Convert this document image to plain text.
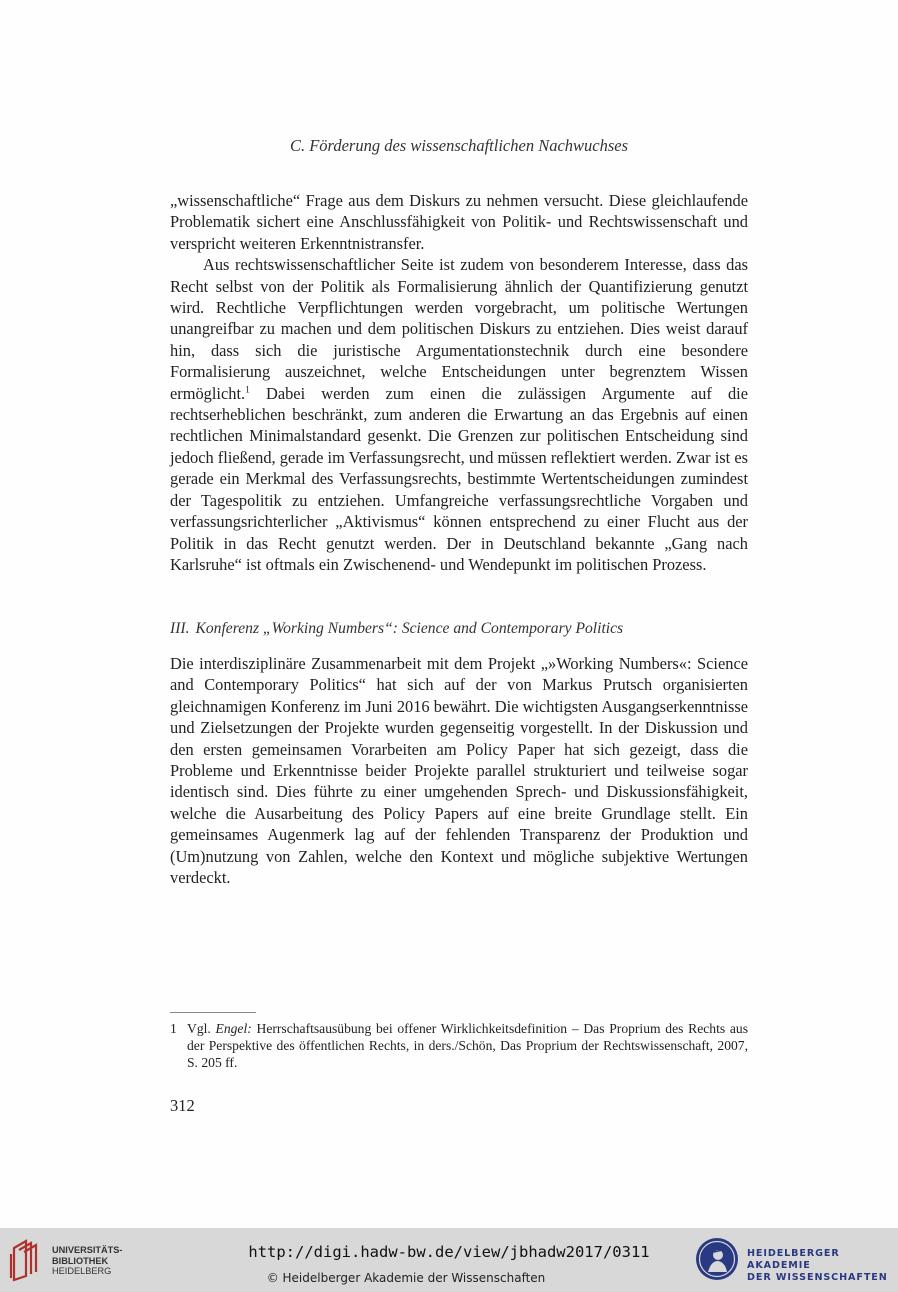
C. Förderung des wissenschaftlichen Nachwuchses

„wissenschaftliche“ Frage aus dem Diskurs zu nehmen versucht. Diese gleichlaufende Problematik sichert eine Anschlussfähigkeit von Politik- und Rechtswissenschaft und verspricht weiteren Erkenntnistransfer.

Aus rechtswissenschaftlicher Seite ist zudem von besonderem Interesse, dass das Recht selbst von der Politik als Formalisierung ähnlich der Quantifizierung genutzt wird. Rechtliche Verpflichtungen werden vorgebracht, um politische Wertungen unangreifbar zu machen und dem politischen Diskurs zu entziehen. Dies weist darauf hin, dass sich die juristische Argumentationstechnik durch eine besondere Formalisierung auszeichnet, welche Entscheidungen unter begrenztem Wissen ermöglicht.$^1$ Dabei werden zum einen die zulässigen Argumente auf die rechtserheblichen beschränkt, zum anderen die Erwartung an das Ergebnis auf einen rechtlichen Minimalstandard gesenkt. Die Grenzen zur politischen Entscheidung sind jedoch fließend, gerade im Verfassungsrecht, und müssen reflektiert werden. Zwar ist es gerade ein Merkmal des Verfassungsrechts, bestimmte Wertentscheidungen zumindest der Tagespolitik zu entziehen. Umfangreiche verfassungsrechtliche Vorgaben und verfassungsrichterlicher „Aktivismus“ können entsprechend zu einer Flucht aus der Politik in das Recht genutzt werden. Der in Deutschland bekannte „Gang nach Karlsruhe“ ist oftmals ein Zwischenend- und Wendepunkt im politischen Prozess.

III. Konferenz „Working Numbers“: Science and Contemporary Politics

Die interdisziplinäre Zusammenarbeit mit dem Projekt „»Working Numbers«: Science and Contemporary Politics“ hat sich auf der von Markus Prutsch organisierten gleichnamigen Konferenz im Juni 2016 bewährt. Die wichtigsten Ausgangserkenntnisse und Zielsetzungen der Projekte wurden gegenseitig vorgestellt. In der Diskussion und den ersten gemeinsamen Vorarbeiten am Policy Paper hat sich gezeigt, dass die Probleme und Erkenntnisse beider Projekte parallel strukturiert und teilweise sogar identisch sind. Dies führte zu einer umgehenden Sprech- und Diskussionsfähigkeit, welche die Ausarbeitung des Policy Papers auf eine breite Grundlage stellt. Ein gemeinsames Augenmerk lag auf der fehlenden Transparenz der Produktion und (Um)nutzung von Zahlen, welche den Kontext und mögliche subjektive Wertungen verdeckt.

1 Vgl. Engel: Herrschaftsausübung bei offener Wirklichkeitsdefinition – Das Proprium des Rechts aus der Perspektive des öffentlichen Rechts, in ders./Schön, Das Proprium der Rechtswissenschaft, 2007, S. 205 ff.
312
UNIVERSITÄTS-
BIBLIOTHEK
HEIDELBERG
http://digi.hadw-bw.de/view/jbhadw2017/0311
© Heidelberger Akademie der Wissenschaften
HEIDELBERGER AKADEMIE
DER WISSENSCHAFTEN
